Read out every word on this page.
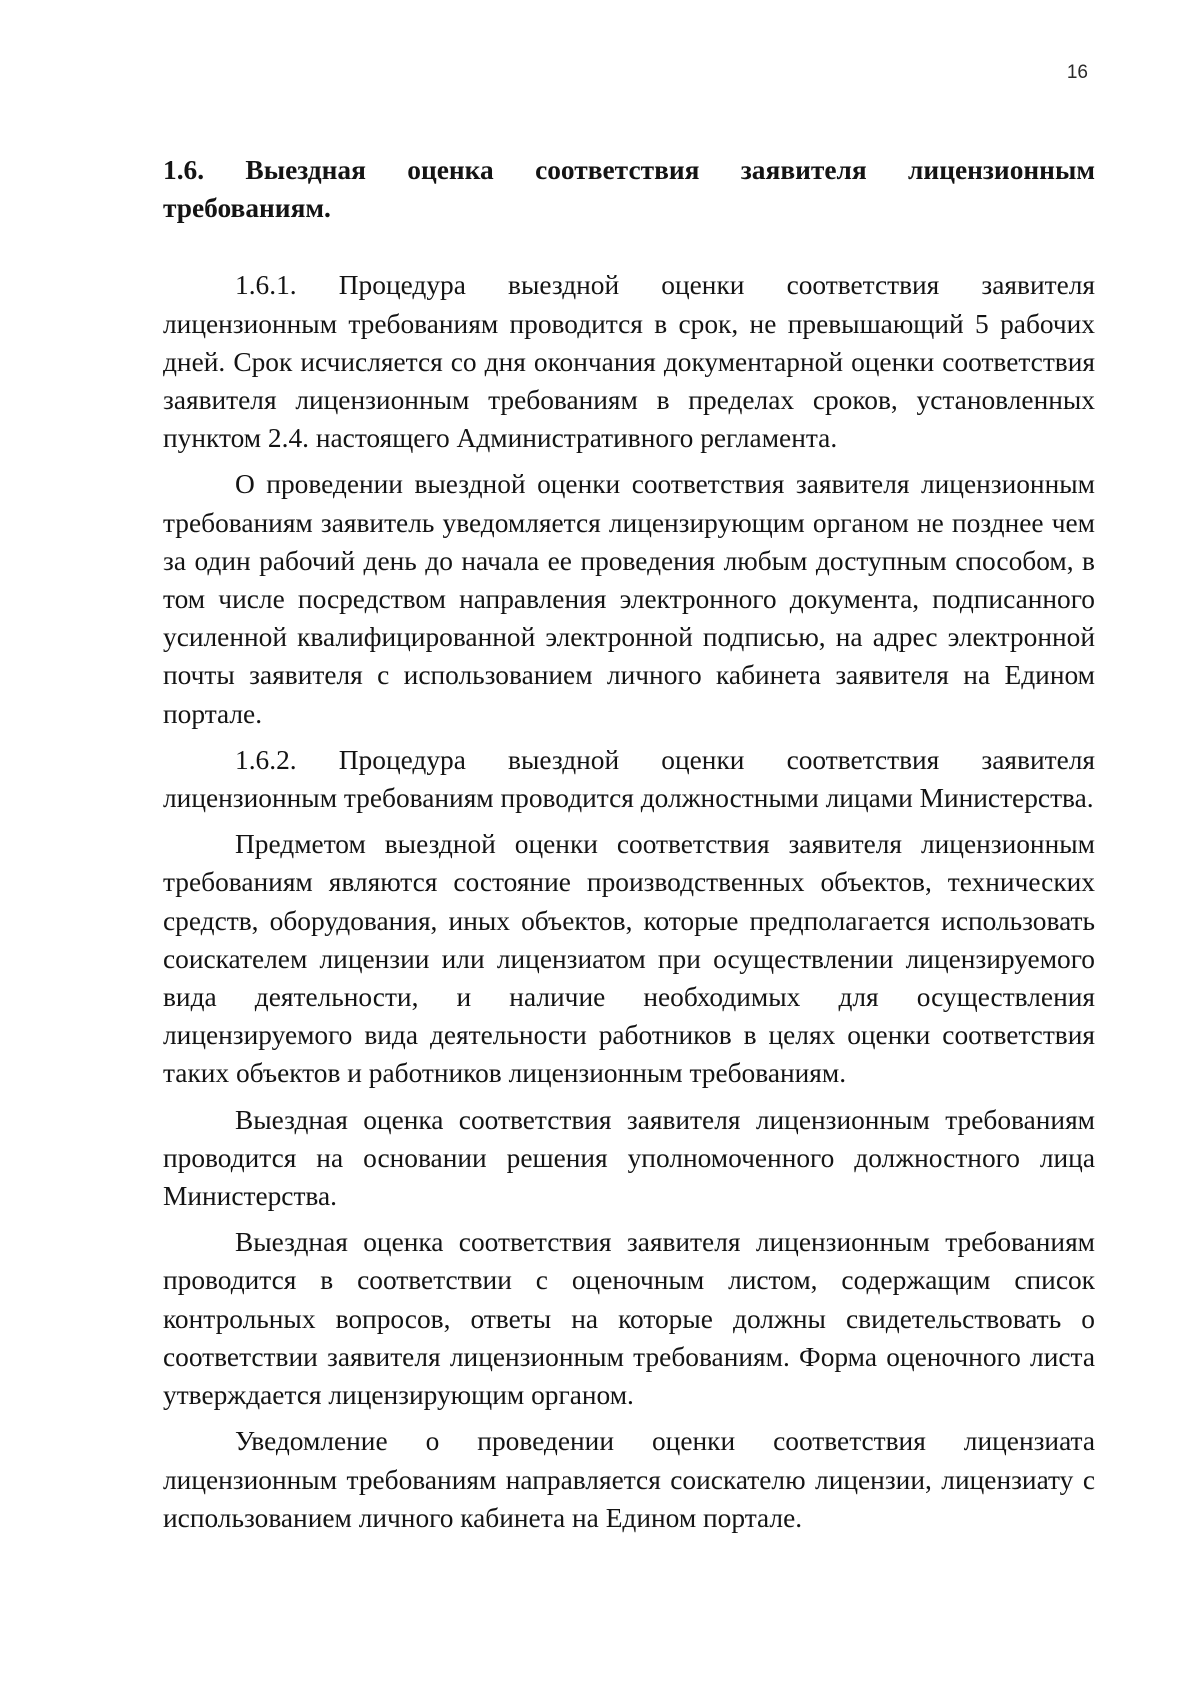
16

1.6. Выездная оценка соответствия заявителя лицензионным требованиям.

1.6.1. Процедура выездной оценки соответствия заявителя лицензионным требованиям проводится в срок, не превышающий 5 рабочих дней. Срок исчисляется со дня окончания документарной оценки соответствия заявителя лицензионным требованиям в пределах сроков, установленных пунктом 2.4. настоящего Административного регламента.

О проведении выездной оценки соответствия заявителя лицензионным требованиям заявитель уведомляется лицензирующим органом не позднее чем за один рабочий день до начала ее проведения любым доступным способом, в том числе посредством направления электронного документа, подписанного усиленной квалифицированной электронной подписью, на адрес электронной почты заявителя с использованием личного кабинета заявителя на Едином портале.

1.6.2. Процедура выездной оценки соответствия заявителя лицензионным требованиям проводится должностными лицами Министерства.

Предметом выездной оценки соответствия заявителя лицензионным требованиям являются состояние производственных объектов, технических средств, оборудования, иных объектов, которые предполагается использовать соискателем лицензии или лицензиатом при осуществлении лицензируемого вида деятельности, и наличие необходимых для осуществления лицензируемого вида деятельности работников в целях оценки соответствия таких объектов и работников лицензионным требованиям.

Выездная оценка соответствия заявителя лицензионным требованиям проводится на основании решения уполномоченного должностного лица Министерства.

Выездная оценка соответствия заявителя лицензионным требованиям проводится в соответствии с оценочным листом, содержащим список контрольных вопросов, ответы на которые должны свидетельствовать о соответствии заявителя лицензионным требованиям. Форма оценочного листа утверждается лицензирующим органом.

Уведомление о проведении оценки соответствия лицензиата лицензионным требованиям направляется соискателю лицензии, лицензиату с использованием личного кабинета на Едином портале.
